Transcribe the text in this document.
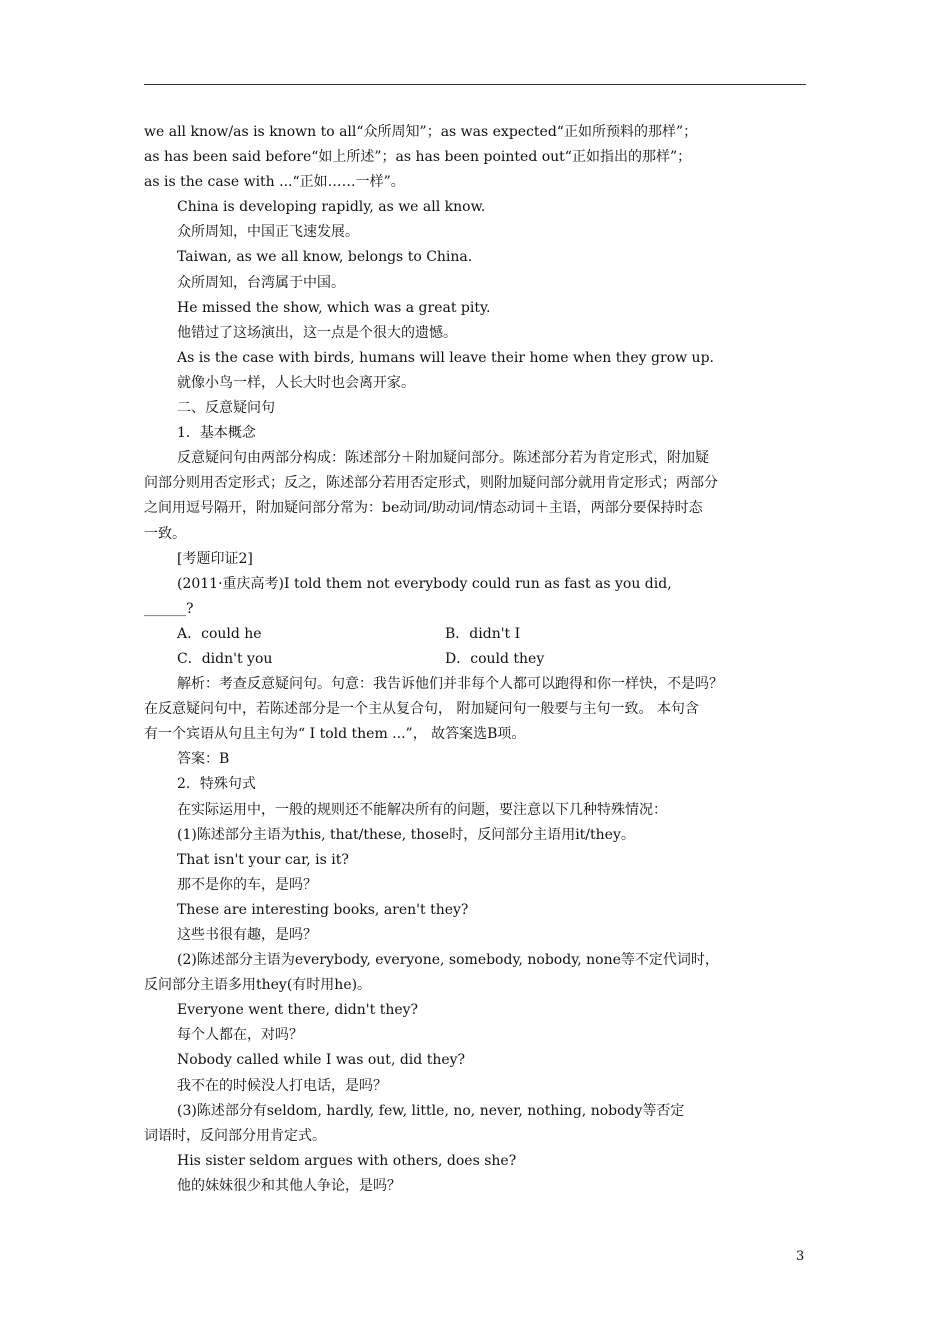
we all know/as is known to all“众所周知”；as was expected“正如所预料的那样”；
as has been said before“如上所述”；as has been pointed out“正如指出的那样”；
as is the case with ...“正如……一样”。
China is developing rapidly, as we all know.
众所周知，中国正飞速发展。
Taiwan, as we all know, belongs to China.
众所周知，台湾属于中国。
He missed the show, which was a great pity.
他错过了这场演出，这一点是个很大的遗憾。
As is the case with birds, humans will leave their home when they grow up.
就像小鸟一样，人长大时也会离开家。
二、反意疑问句
1．基本概念
反意疑问句由两部分构成：陈述部分＋附加疑问部分。陈述部分若为肯定形式，附加疑
问部分则用否定形式；反之，陈述部分若用否定形式，则附加疑问部分就用肯定形式；两部分
之间用逗号隔开，附加疑问部分常为：be动词/助动词/情态动词＋主语，两部分要保持时态
一致。
[考题印证2]
(2011·重庆高考)I told them not everybody could run as fast as you did,
______?
A．could he	B．didn't I
C．didn't you	D．could they
解析：考查反意疑问句。句意：我告诉他们并非每个人都可以跑得和你一样快，不是吗？
在反意疑问句中，若陈述部分是一个主从复合句， 附加疑问句一般要与主句一致。 本句含
有一个宾语从句且主句为“ I told them ...”， 故答案选B项。
答案：B
2．特殊句式
在实际运用中，一般的规则还不能解决所有的问题，要注意以下几种特殊情况：
(1)陈述部分主语为this, that/these, those时，反问部分主语用it/they。
That isn't your car, is it?
那不是你的车，是吗？
These are interesting books, aren't they?
这些书很有趣，是吗？
(2)陈述部分主语为everybody, everyone, somebody, nobody, none等不定代词时，
反问部分主语多用they(有时用he)。
Everyone went there, didn't they?
每个人都在，对吗？
Nobody called while I was out, did they?
我不在的时候没人打电话，是吗？
(3)陈述部分有seldom, hardly, few, little, no, never, nothing, nobody等否定
词语时，反问部分用肯定式。
His sister seldom argues with others, does she?
他的妹妹很少和其他人争论，是吗？
3
